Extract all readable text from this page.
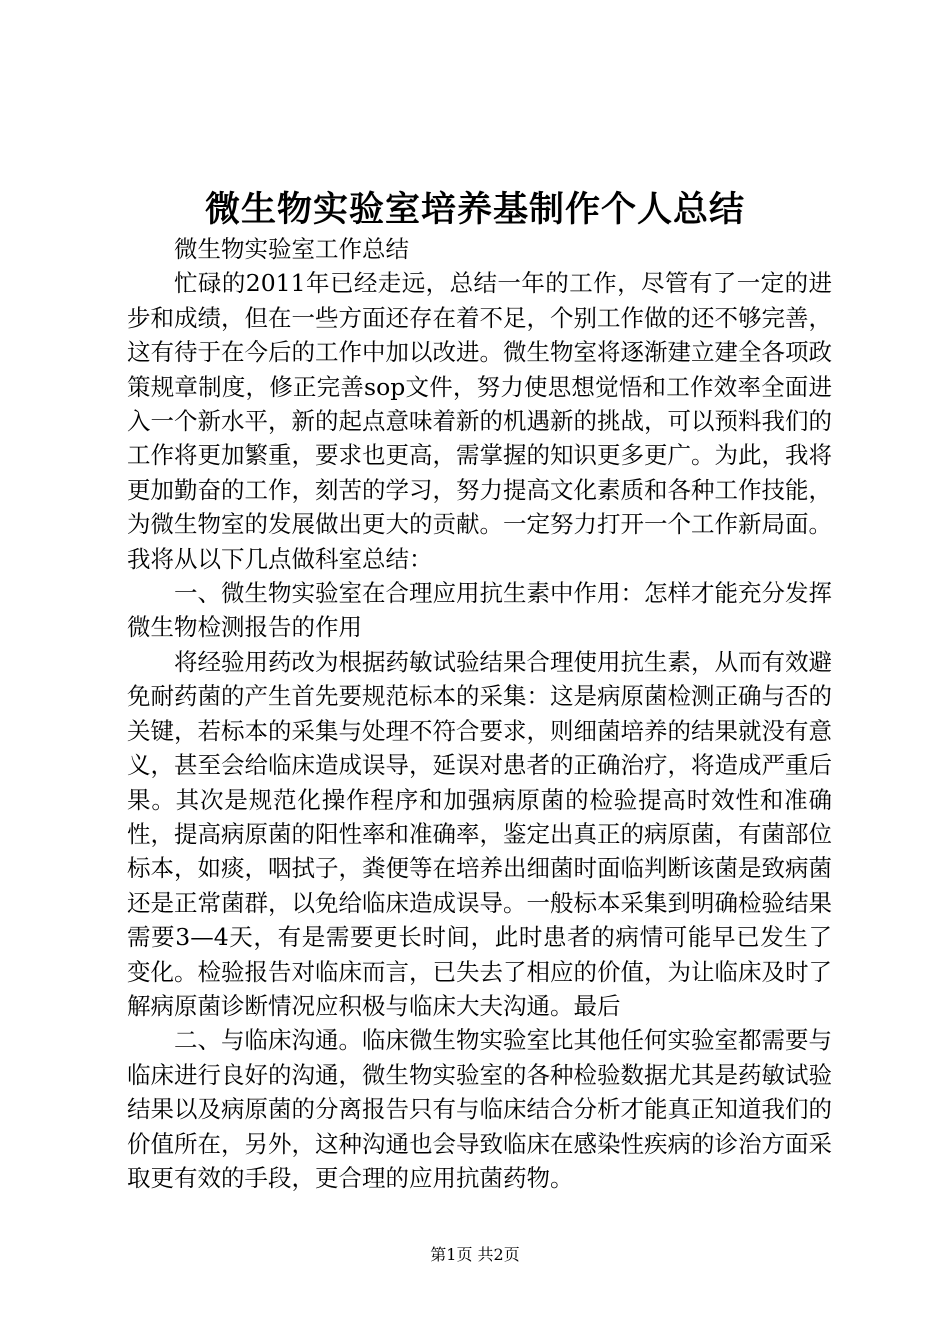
微生物实验室培养基制作个人总结

微生物实验室工作总结

忙碌的2011年已经走远，总结一年的工作，尽管有了一定的进步和成绩，但在一些方面还存在着不足，个别工作做的还不够完善，这有待于在今后的工作中加以改进。微生物室将逐渐建立建全各项政策规章制度，修正完善sop文件，努力使思想觉悟和工作效率全面进入一个新水平，新的起点意味着新的机遇新的挑战，可以预料我们的工作将更加繁重，要求也更高，需掌握的知识更多更广。为此，我将更加勤奋的工作，刻苦的学习，努力提高文化素质和各种工作技能，为微生物室的发展做出更大的贡献。一定努力打开一个工作新局面。我将从以下几点做科室总结：

一、微生物实验室在合理应用抗生素中作用：怎样才能充分发挥微生物检测报告的作用

将经验用药改为根据药敏试验结果合理使用抗生素，从而有效避免耐药菌的产生首先要规范标本的采集：这是病原菌检测正确与否的关键，若标本的采集与处理不符合要求，则细菌培养的结果就没有意义，甚至会给临床造成误导，延误对患者的正确治疗，将造成严重后果。其次是规范化操作程序和加强病原菌的检验提高时效性和准确性，提高病原菌的阳性率和准确率，鉴定出真正的病原菌，有菌部位标本，如痰，咽拭子，粪便等在培养出细菌时面临判断该菌是致病菌还是正常菌群，以免给临床造成误导。一般标本采集到明确检验结果需要3—4天，有是需要更长时间，此时患者的病情可能早已发生了变化。检验报告对临床而言，已失去了相应的价值，为让临床及时了解病原菌诊断情况应积极与临床大夫沟通。最后

二、与临床沟通。临床微生物实验室比其他任何实验室都需要与临床进行良好的沟通，微生物实验室的各种检验数据尤其是药敏试验结果以及病原菌的分离报告只有与临床结合分析才能真正知道我们的价值所在，另外，这种沟通也会导致临床在感染性疾病的诊治方面采取更有效的手段，更合理的应用抗菌药物。

第1页 共2页
